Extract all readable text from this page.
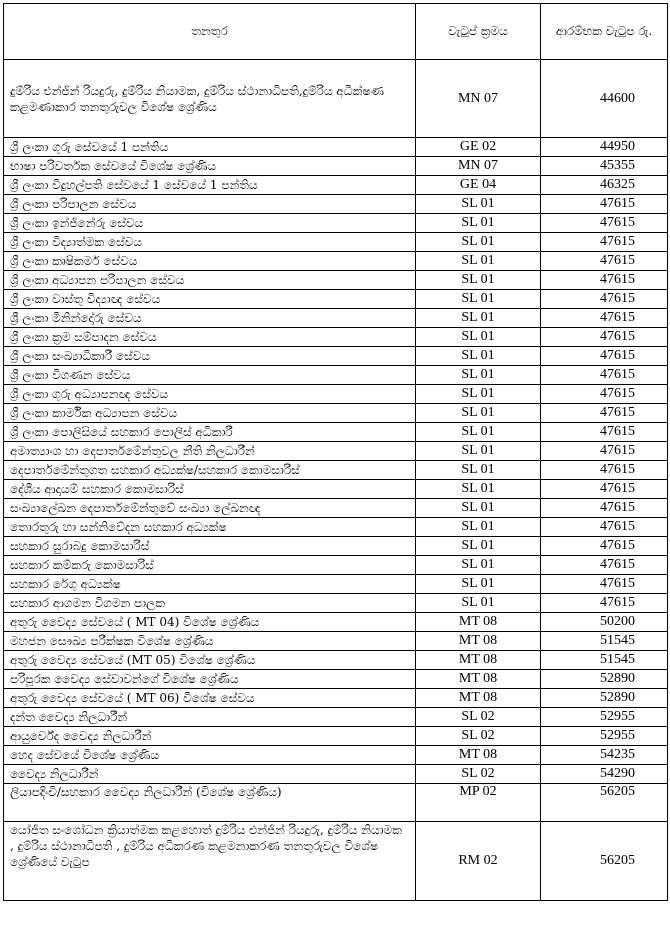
තනතුර	වැටුප් ක්‍රමය	ආරම්භක වැටුප රු.
දුම්රිය එන්ජින් රියදුරු, දුම්රිය නියාමක, දුම්රිය ස්ථානාධිපති,දුම්රිය අධීක්ෂණ කළමණාකාර තනතුරුවල විශේෂ ශ්‍රේණිය	MN 07	44600
ශ්‍රී ලංකා ගුරු සේවයේ 1 පන්තිය	GE 02	44950
භාෂා පරිවර්තක සේවයේ විශේෂ ශ්‍රේණිය	MN 07	45355
ශ්‍රී ලංකා විදුහල්පති සේවයේ 1 සේවයේ 1 පන්තිය	GE 04	46325
ශ්‍රී ලංකා පරිපාලන සේවය	SL 01	47615
ශ්‍රී ලංකා ඉන්ජිනේරු සේවය	SL 01	47615
ශ්‍රී ලංකා විද්‍යාත්මක සේවය	SL 01	47615
ශ්‍රී ලංකා කෘෂිකර්ම සේවය	SL 01	47615
ශ්‍රී ලංකා අධ්‍යාපන පරිපාලන සේවය	SL 01	47615
ශ්‍රී ලංකා වාස්තු විද්‍යාඥ සේවය	SL 01	47615
ශ්‍රී ලංකා මිනින්දෝරු සේවය	SL 01	47615
ශ්‍රී ලංකා ක්‍රම සම්පාදන සේවය	SL 01	47615
ශ්‍රී ලංකා සංඛ්‍යාධිකාරී සේවය	SL 01	47615
ශ්‍රී ලංකා විගණන සේවය	SL 01	47615
ශ්‍රී ලංකා ගුරු අධ්‍යාපනඥ සේවය	SL 01	47615
ශ්‍රී ලංකා කාර්මික අධ්‍යාපන සේවය	SL 01	47615
ශ්‍රී ලංකා පොලිසියේ සහකාර පොලිස් අධිකාරී	SL 01	47615
අමාත්‍යාංශ හා දෙපාර්තමේන්තුවල නීති නිලධාරීන්	SL 01	47615
දෙපාර්තමේන්තුගත සහකාර අධ්‍යක්ෂ/සහකාර කොමසාරිස්	SL 01	47615
දේශීය ආදායම් සහකාර කොමසාරිස්	SL 01	47615
සංඛ්‍යාලේඛන දෙපාර්තමේන්තුවේ සංඛ්‍යා ලේඛනඥ	SL 01	47615
තොරතුරු හා සන්නිවේදන සහකාර අධ්‍යක්ෂ	SL 01	47615
සහකාර සුරාබදු කොමසාරිස්	SL 01	47615
සහකාර කම්කරු කොමසාරිස්	SL 01	47615
සහකාර රේගු අධ්‍යක්ෂ	SL 01	47615
සහකාර ආගමන විගමන පාලක	SL 01	47615
අතුරු වෛද්‍ය සේවයේ ( MT 04) විශේෂ ශ්‍රේණිය	MT 08	50200
මහජන සෞඛ්‍ය පරීක්ෂක විශේෂ ශ්‍රේණිය	MT 08	51545
අතුරු වෛද්‍ය සේවයේ (MT 05) විශේෂ ශ්‍රේණිය	MT 08	51545
පරිපූරක වෛද්‍ය සේවාවන්ගේ විශේෂ ශ්‍රේණිය	MT 08	52890
අතුරු වෛද්‍ය සේවයේ ( MT 06) විශේෂ සේවය	MT 08	52890
දන්ත වෛද්‍ය නිලධාරීන්	SL 02	52955
ආයුර්වේද වෛද්‍ය නිලධාරීන්	SL 02	52955
හෙද සේවයේ විශේෂ ශ්‍රේණිය	MT 08	54235
වෛද්‍ය නිලධාරීන්	SL 02	54290
ලියාපදිංචි/සහකාර වෛද්‍ය නිලධාරීන් (විශේෂ ශ්‍රේණිය)	MP 02	56205
යෝජිත සංශෝධන ක්‍රියාත්මක කළහොත් දුම්රිය එන්ජින් රියදුරු, දුම්රිය නියාමක , දුම්රිය ස්ථානාධිපති , දුම්රිය අධිකරණ කළමනාකරණ තනතුරුවල විශේෂ ශ්‍රේණියේ වැටුප	RM 02	56205
